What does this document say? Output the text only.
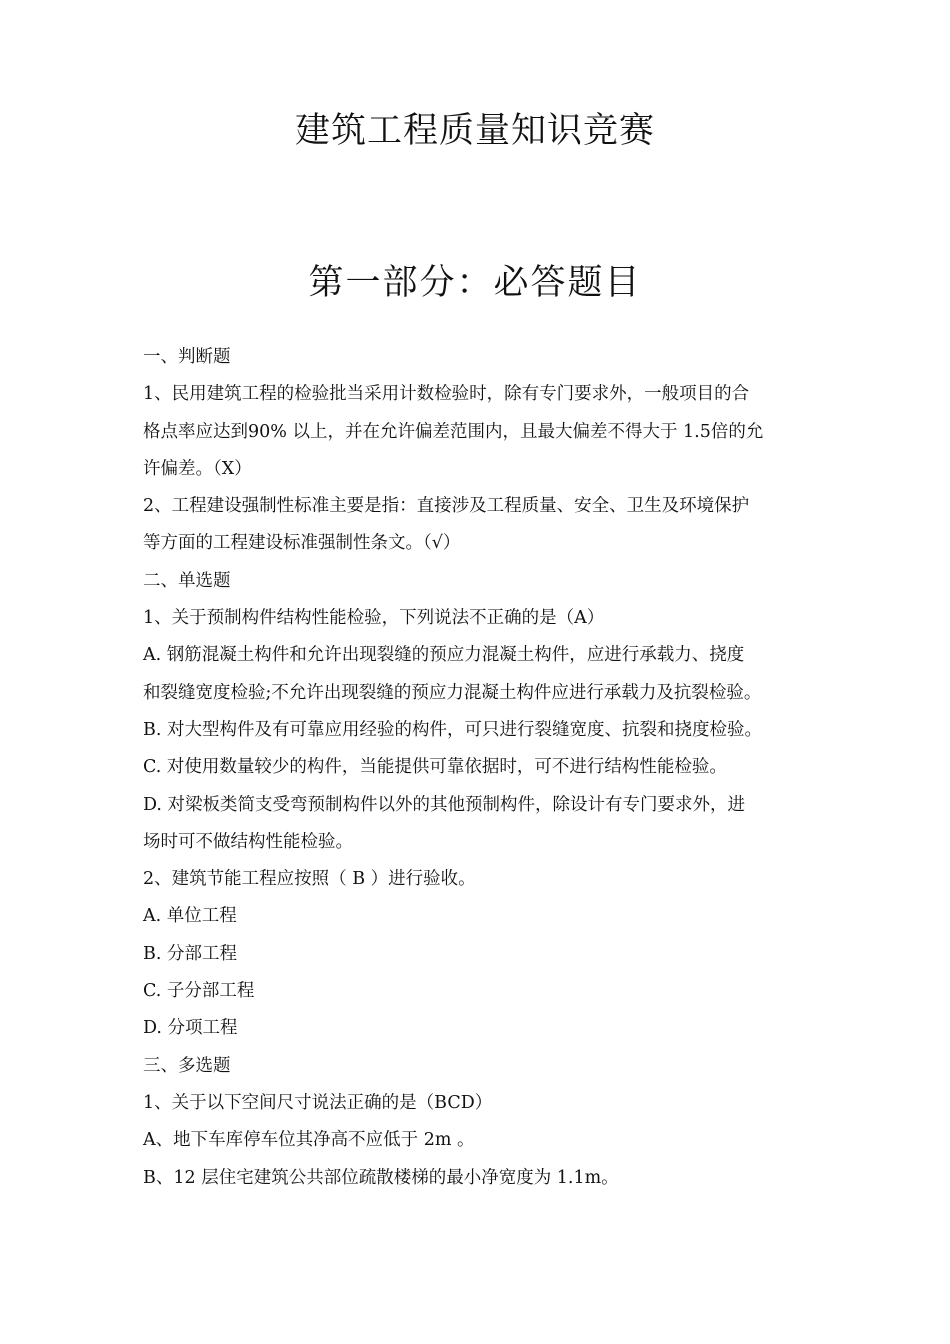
建筑工程质量知识竞赛
第一部分：必答题目
一、判断题
1、民用建筑工程的检验批当采用计数检验时，除有专门要求外，一般项目的合
格点率应达到90% 以上，并在允许偏差范围内，且最大偏差不得大于 1.5倍的允
许偏差。（X）
2、工程建设强制性标准主要是指：直接涉及工程质量、安全、卫生及环境保护
等方面的工程建设标准强制性条文。（√）
二、单选题
1、关于预制构件结构性能检验，下列说法不正确的是（A）
A. 钢筋混凝土构件和允许出现裂缝的预应力混凝土构件，应进行承载力、挠度
和裂缝宽度检验;不允许出现裂缝的预应力混凝土构件应进行承载力及抗裂检验。
B. 对大型构件及有可靠应用经验的构件，可只进行裂缝宽度、抗裂和挠度检验。
C. 对使用数量较少的构件，当能提供可靠依据时，可不进行结构性能检验。
D. 对梁板类简支受弯预制构件以外的其他预制构件，除设计有专门要求外，进
场时可不做结构性能检验。
2、建筑节能工程应按照（ B ）进行验收。
A. 单位工程
B. 分部工程
C. 子分部工程
D. 分项工程
三、多选题
1、关于以下空间尺寸说法正确的是（BCD）
A、地下车库停车位其净高不应低于 2m 。
B、12 层住宅建筑公共部位疏散楼梯的最小净宽度为 1.1m。
